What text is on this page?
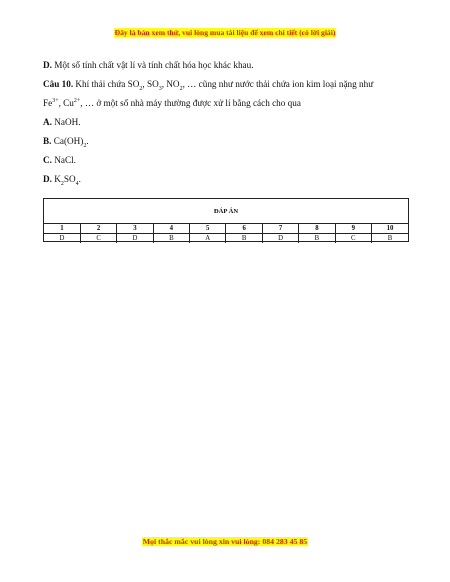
Đây là bản xem thử, vui lòng mua tài liệu để xem chi tiết (có lời giải)
D. Một số tính chất vật lí và tính chất hóa học khác khau.
Câu 10. Khí thải chứa $SO_2$, $SO_3$, $NO_2$, … cũng như nước thải chứa ion kim loại nặng như
$Fe^{3+}$, $Cu^{2+}$, … ở một số nhà máy thường được xử lí bằng cách cho qua
A. NaOH.
B. $Ca(OH)_2$.
C. NaCl.
D. $K_2SO_4$.
ĐÁP ÁN
1	2	3	4	5	6	7	8	9	10
D	C	D	B	A	B	D	B	C	B
Mọi thắc mắc vui lòng xin vui lòng: 084 283 45 85
